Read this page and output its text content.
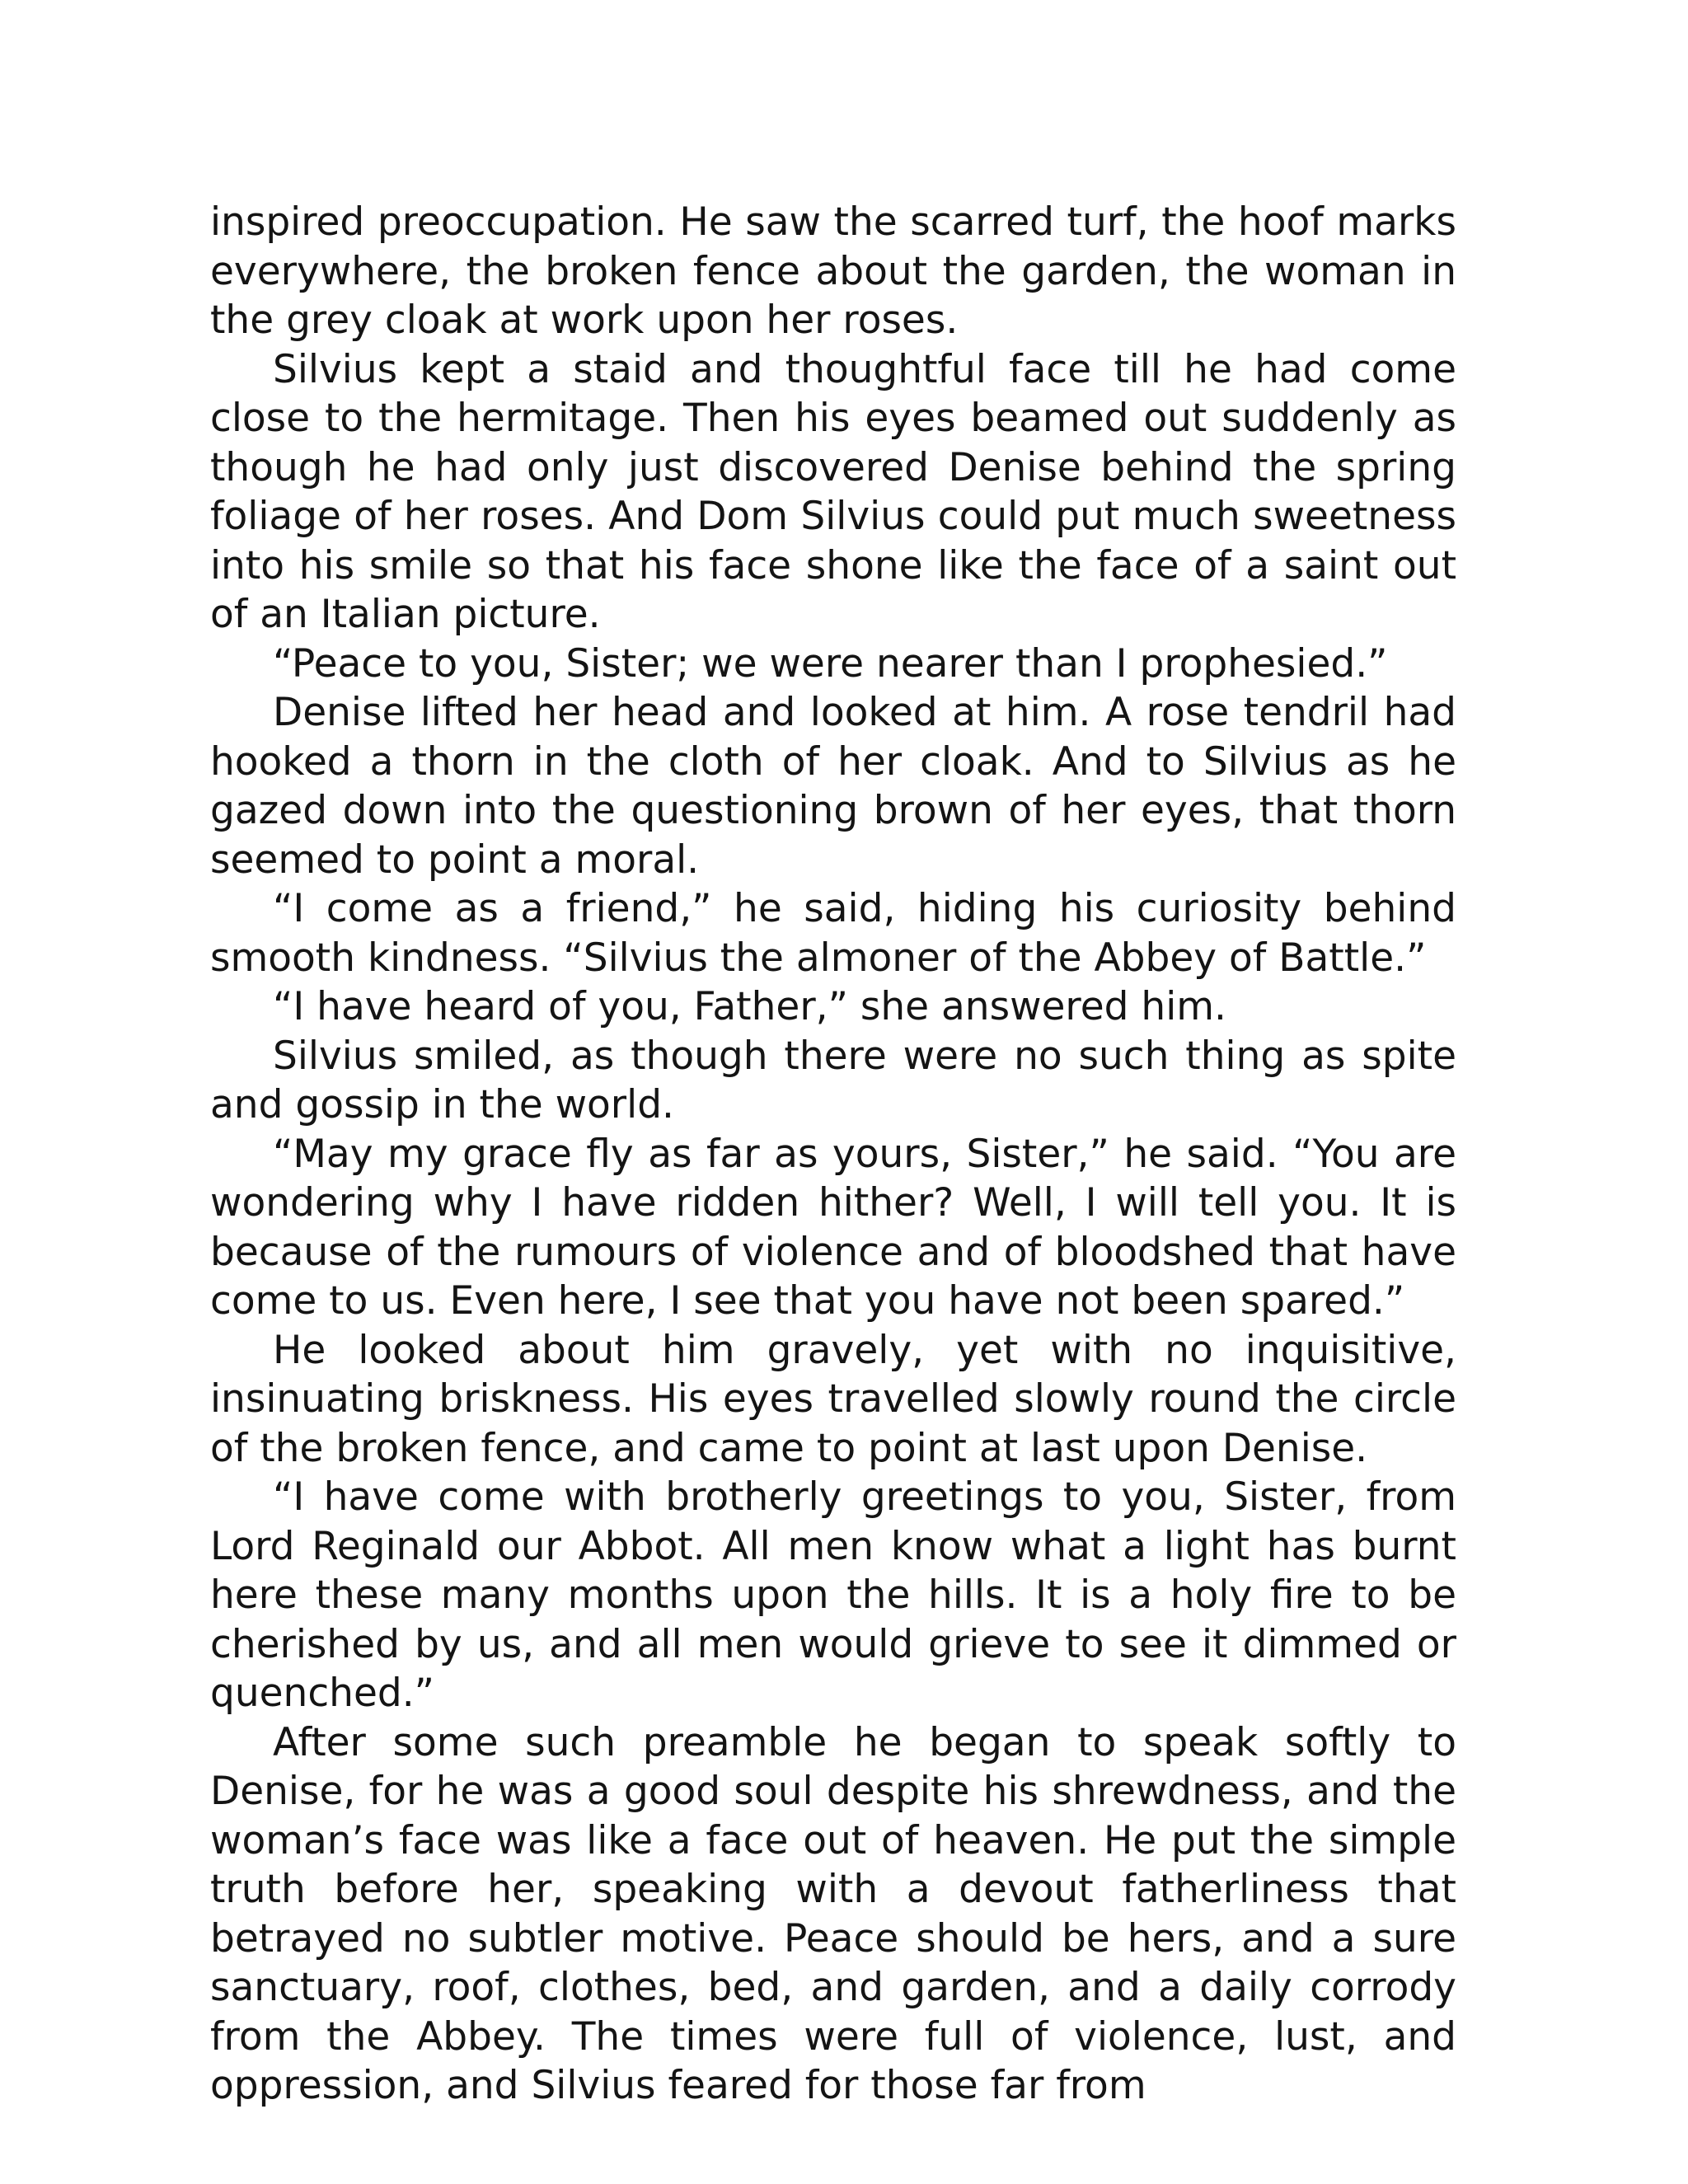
inspired preoccupation. He saw the scarred turf, the hoof marks everywhere, the broken fence about the garden, the woman in the grey cloak at work upon her roses.

Silvius kept a staid and thoughtful face till he had come close to the hermitage. Then his eyes beamed out suddenly as though he had only just discovered Denise behind the spring foliage of her roses. And Dom Silvius could put much sweetness into his smile so that his face shone like the face of a saint out of an Italian picture.

“Peace to you, Sister; we were nearer than I prophesied.”

Denise lifted her head and looked at him. A rose tendril had hooked a thorn in the cloth of her cloak. And to Silvius as he gazed down into the questioning brown of her eyes, that thorn seemed to point a moral.

“I come as a friend,” he said, hiding his curiosity behind smooth kindness. “Silvius the almoner of the Abbey of Battle.”

“I have heard of you, Father,” she answered him.

Silvius smiled, as though there were no such thing as spite and gossip in the world.

“May my grace fly as far as yours, Sister,” he said. “You are wondering why I have ridden hither? Well, I will tell you. It is because of the rumours of violence and of bloodshed that have come to us. Even here, I see that you have not been spared.”

He looked about him gravely, yet with no inquisitive, insinuating briskness. His eyes travelled slowly round the circle of the broken fence, and came to point at last upon Denise.

“I have come with brotherly greetings to you, Sister, from Lord Reginald our Abbot. All men know what a light has burnt here these many months upon the hills. It is a holy fire to be cherished by us, and all men would grieve to see it dimmed or quenched.”

After some such preamble he began to speak softly to Denise, for he was a good soul despite his shrewdness, and the woman’s face was like a face out of heaven. He put the simple truth before her, speaking with a devout fatherliness that betrayed no subtler motive. Peace should be hers, and a sure sanctuary, roof, clothes, bed, and garden, and a daily corrody from the Abbey. The times were full of violence, lust, and oppression, and Silvius feared for those far from
